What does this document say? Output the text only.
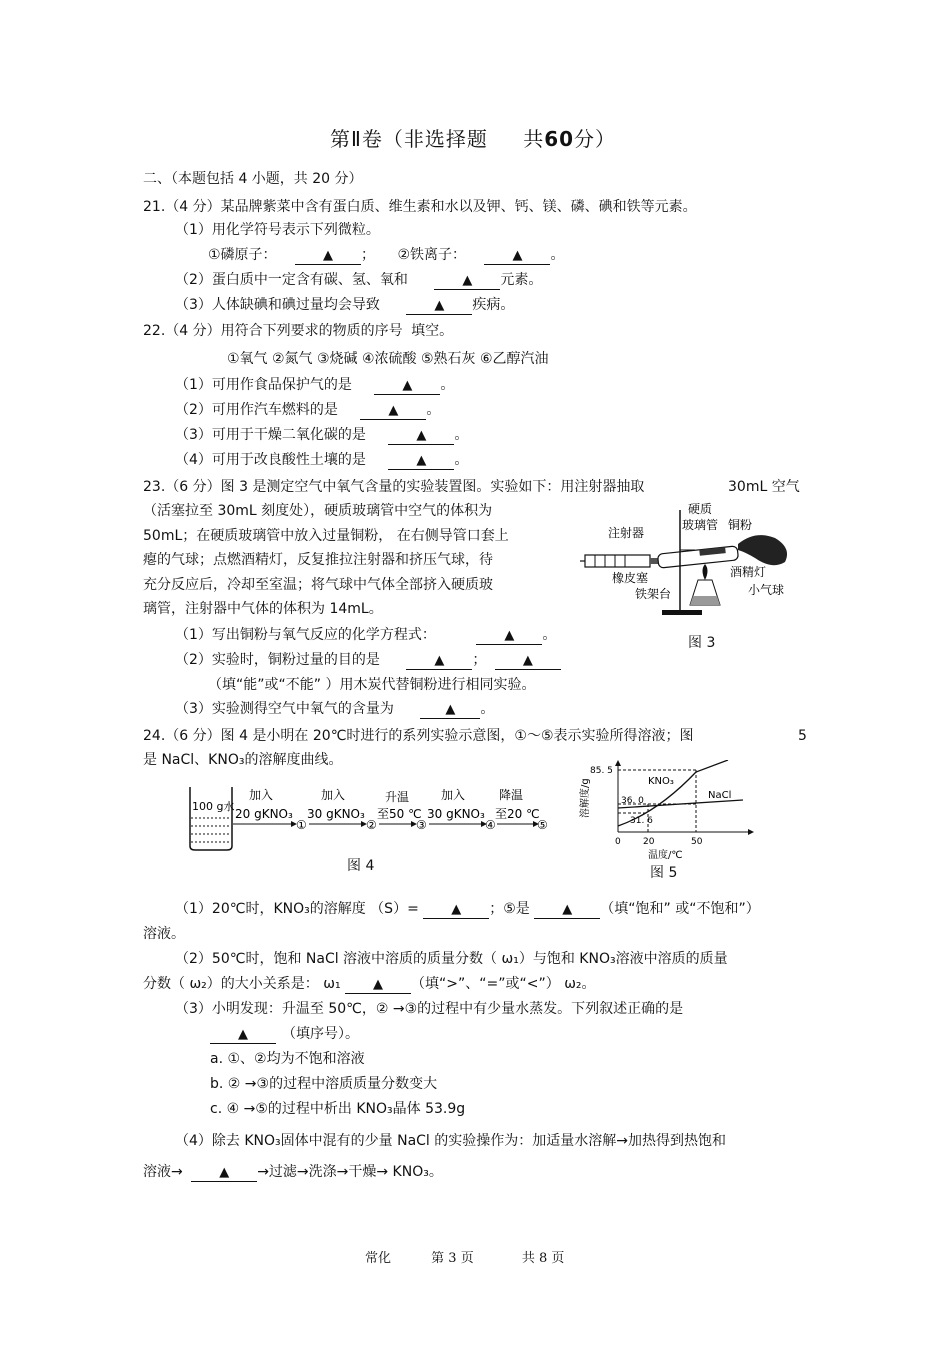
第Ⅱ卷（非选择题 共60分）
二、（本题包括 4 小题，共 20 分）
21.（4 分）某品牌紫菜中含有蛋白质、维生素和水以及钾、钙、镁、磷、碘和铁等元素。
（1）用化学符号表示下列微粒。
①磷原子：	▲ ； ②铁离子：	▲ 。
（2）蛋白质中一定含有碳、氢、氧和	▲ 元素。
（3）人体缺碘和碘过量均会导致	▲ 疾病。
22.（4 分）用符合下列要求的物质的序号 填空。
①氧气 ②氮气 ③烧碱 ④浓硫酸 ⑤熟石灰 ⑥乙醇汽油
（1）可用作食品保护气的是	▲ 。
（2）可用作汽车燃料的是	▲ 。
（3）可用于干燥二氧化碳的是	▲ 。
（4）可用于改良酸性土壤的是	▲ 。
23.（6 分）图 3 是测定空气中氧气含量的实验装置图。实验如下：用注射器抽取	30mL 空气
（活塞拉至 30mL 刻度处），硬质玻璃管中空气的体积为
50mL；在硬质玻璃管中放入过量铜粉， 在右侧导管口套上
瘪的气球；点燃酒精灯，反复推拉注射器和挤压气球，待
充分反应后，冷却至室温；将气球中气体全部挤入硬质玻
璃管，注射器中气体的体积为 14mL。
注射器
硬质
玻璃管 铜粉
橡皮塞
铁架台
酒精灯
小气球
图 3
（1）写出铜粉与氧气反应的化学方程式：	▲ 。
（2）实验时，铜粉过量的目的是	▲ ； ▲
（填“能”或“不能” ）用木炭代替铜粉进行相同实验。
（3）实验测得空气中氧气的含量为	▲ 。
24.（6 分）图 4 是小明在 20℃时进行的系列实验示意图，①～⑤表示实验所得溶液；图	5
是 NaCl、KNO₃的溶解度曲线。
100 g水
加入
20 gKNO₃
①
加入
30 gKNO₃
②
升温
至50 ℃
③
加入
30 gKNO₃
④
降温
至20 ℃
⑤
图 4
溶解度/g
温度/℃
KNO₃
NaCl
85. 5
36. 0
31. 6
0 20	50
图 5
（1）20℃时，KNO₃的溶解度 （S）= ▲ ；⑤是 ▲ （填“饱和” 或“不饱和”）
溶液。
（2）50℃时，饱和 NaCl 溶液中溶质的质量分数（ ω₁）与饱和 KNO₃溶液中溶质的质量
分数（ ω₂）的大小关系是： ω₁ ▲ （填“>”、“=”或“<”） ω₂。
（3）小明发现：升温至 50℃，② →③的过程中有少量水蒸发。下列叙述正确的是
▲ （填序号）。
a. ①、②均为不饱和溶液
b. ② →③的过程中溶质质量分数变大
c. ④ →⑤的过程中析出 KNO₃晶体 53.9g
（4）除去 KNO₃固体中混有的少量 NaCl 的实验操作为：加适量水溶解→加热得到热饱和
溶液→	▲ →过滤→洗涤→干燥→ KNO₃。
常化	第 3 页	共 8 页
